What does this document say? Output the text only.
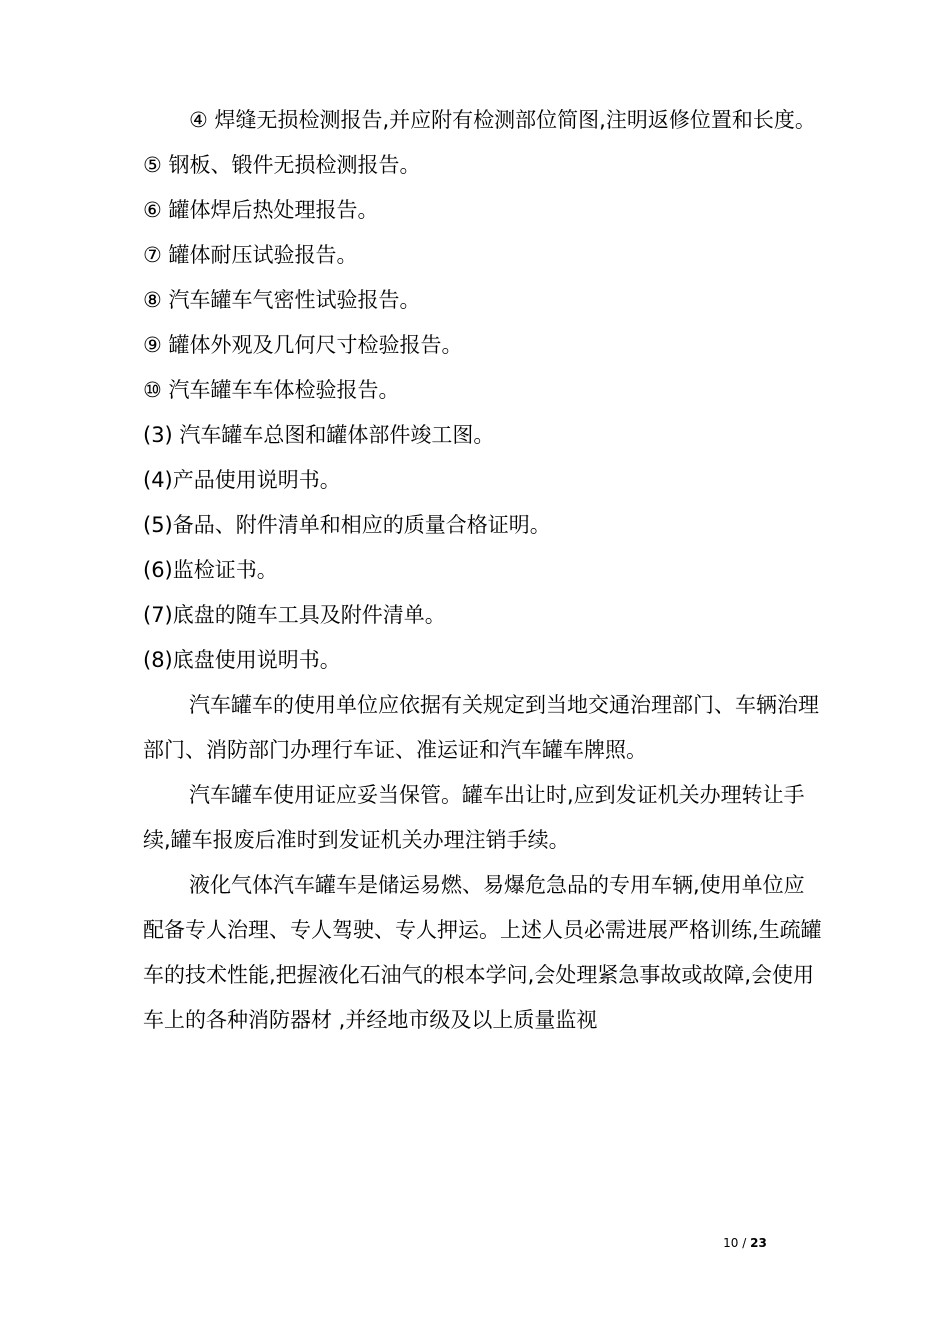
④ 焊缝无损检测报告,并应附有检测部位简图,注明返修位置和长度。

⑤ 钢板、锻件无损检测报告。

⑥ 罐体焊后热处理报告。

⑦ 罐体耐压试验报告。

⑧ 汽车罐车气密性试验报告。

⑨ 罐体外观及几何尺寸检验报告。

⑩ 汽车罐车车体检验报告。

(3) 汽车罐车总图和罐体部件竣工图。

(4)产品使用说明书。

(5)备品、附件清单和相应的质量合格证明。

(6)监检证书。

(7)底盘的随车工具及附件清单。

(8)底盘使用说明书。

汽车罐车的使用单位应依据有关规定到当地交通治理部门、车辆治理部门、消防部门办理行车证、准运证和汽车罐车牌照。

汽车罐车使用证应妥当保管。罐车出让时,应到发证机关办理转让手续,罐车报废后准时到发证机关办理注销手续。

液化气体汽车罐车是储运易燃、易爆危急品的专用车辆,使用单位应配备专人治理、专人驾驶、专人押运。上述人员必需进展严格训练,生疏罐车的技术性能,把握液化石油气的根本学问,会处理紧急事故或故障,会使用车上的各种消防器材 ,并经地市级及以上质量监视

10 / 23
